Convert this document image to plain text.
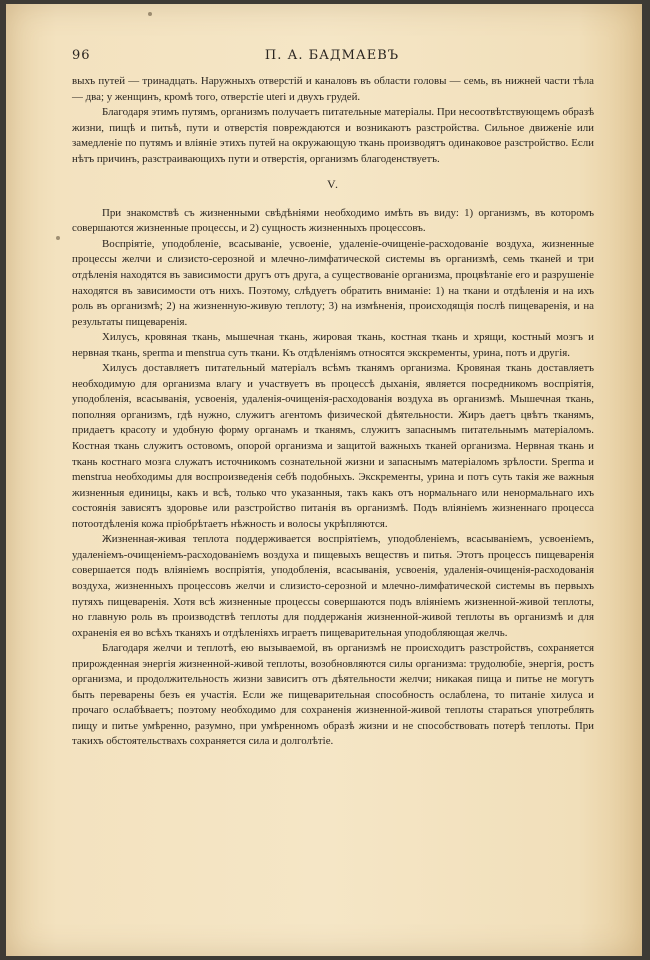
96	П. А. БАДМАЕВЪ

выхъ путей — тринадцать. Наружныхъ отверстій и каналовъ въ области головы — семь, въ нижней части тѣла — два; у женщинъ, кромѣ того, отверстіе uteri и двухъ грудей.

Благодаря этимъ путямъ, организмъ получаетъ питательные матеріалы. При несоотвѣтствующемъ образѣ жизни, пищѣ и питьѣ, пути и отверстія повреждаются и возникаютъ разстройства. Сильное движеніе или замедленіе по путямъ и вліяніе этихъ путей на окружающую ткань производятъ одинаковое разстройство. Если нѣтъ причинъ, разстраивающихъ пути и отверстія, организмъ благоденствуетъ.

V.

При знакомствѣ съ жизненными свѣдѣніями необходимо имѣть въ виду: 1) организмъ, въ которомъ совершаются жизненные процессы, и 2) сущность жизненныхъ процессовъ.

Воспріятіе, уподобленіе, всасываніе, усвоеніе, удаленіе-очищеніе-расходованіе воздуха, жизненные процессы желчи и слизисто-серозной и млечно-лимфатической системы въ организмѣ, семь тканей и три отдѣленія находятся въ зависимости другъ отъ друга, а существованіе организма, процвѣтаніе его и разрушеніе находятся въ зависимости отъ нихъ. Поэтому, слѣдуетъ обратить вниманіе: 1) на ткани и отдѣленія и на ихъ роль въ организмѣ; 2) на жизненную-живую теплоту; 3) на измѣненія, происходящія послѣ пищеваренія, и на результаты пищеваренія.

Хилусъ, кровяная ткань, мышечная ткань, жировая ткань, костная ткань и хрящи, костный мозгъ и нервная ткань, sperma и menstrua суть ткани. Къ отдѣленіямъ относятся экскременты, урина, потъ и другія.

Хилусъ доставляетъ питательный матеріалъ всѣмъ тканямъ организма. Кровяная ткань доставляетъ необходимую для организма влагу и участвуетъ въ процессѣ дыханія, является посредникомъ воспріятія, уподобленія, всасыванія, усвоенія, удаленія-очищенія-расходованія воздуха въ организмѣ. Мышечная ткань, пополняя организмъ, гдѣ нужно, служитъ агентомъ физической дѣятельности. Жиръ даетъ цвѣтъ тканямъ, придаетъ красоту и удобную форму органамъ и тканямъ, служитъ запаснымъ питательнымъ матеріаломъ. Костная ткань служитъ остовомъ, опорой организма и защитой важныхъ тканей организма. Нервная ткань и ткань костнаго мозга служатъ источникомъ сознательной жизни и запаснымъ матеріаломъ зрѣлости. Sperma и menstrua необходимы для воспроизведенія себѣ подобныхъ. Экскременты, урина и потъ суть такія же важныя жизненныя единицы, какъ и всѣ, только что указанныя, такъ какъ отъ нормальнаго или ненормальнаго ихъ состоянія зависятъ здоровье или разстройство питанія въ организмѣ. Подъ вліяніемъ жизненнаго процесса потоотдѣленія кожа пріобрѣтаетъ нѣжность и волосы укрѣпляются.

Жизненная-живая теплота поддерживается воспріятіемъ, уподобленіемъ, всасываніемъ, усвоеніемъ, удаленіемъ-очищеніемъ-расходованіемъ воздуха и пищевыхъ веществъ и питья. Этотъ процессъ пищеваренія совершается подъ вліяніемъ воспріятія, уподобленія, всасыванія, усвоенія, удаленія-очищенія-расходованія воздуха, жизненныхъ процессовъ желчи и слизисто-серозной и млечно-лимфатической системы въ первыхъ путяхъ пищеваренія. Хотя всѣ жизненные процессы совершаются подъ вліяніемъ жизненной-живой теплоты, но главную роль въ производствѣ теплоты для поддержанія жизненной-живой теплоты въ организмѣ и для охраненія ея во всѣхъ тканяхъ и отдѣленіяхъ играетъ пищеварительная уподобляющая желчь.

Благодаря желчи и теплотѣ, ею вызываемой, въ организмѣ не происходитъ разстройствъ, сохраняется прирожденная энергія жизненной-живой теплоты, возобновляются силы организма: трудолюбіе, энергія, ростъ организма, и продолжительность жизни зависитъ отъ дѣятельности желчи; никакая пища и питье не могутъ быть переварены безъ ея участія. Если же пищеварительная способность ослаблена, то питаніе хилуса и прочаго ослабѣваетъ; поэтому необходимо для сохраненія жизненной-живой теплоты стараться употреблять пищу и питье умѣренно, разумно, при умѣренномъ образѣ жизни и не способствовать потерѣ теплоты. При такихъ обстоятельствахъ сохраняется сила и долголѣтіе.
